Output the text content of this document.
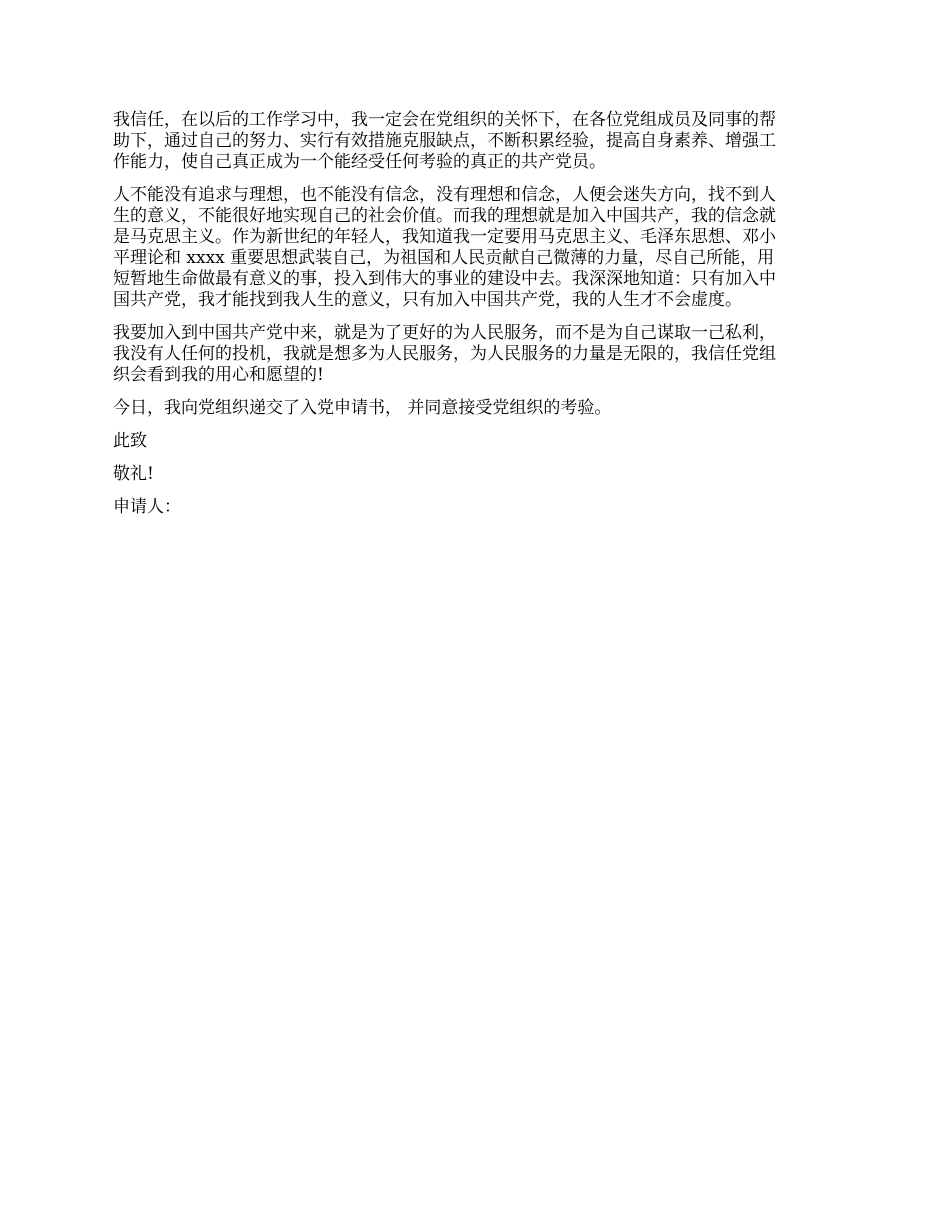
我信任，在以后的工作学习中，我一定会在党组织的关怀下，在各位党组成员及同事的帮
助下，通过自己的努力、实行有效措施克服缺点，不断积累经验，提高自身素养、增强工
作能力，使自己真正成为一个能经受任何考验的真正的共产党员。

人不能没有追求与理想，也不能没有信念，没有理想和信念，人便会迷失方向，找不到人
生的意义，不能很好地实现自己的社会价值。而我的理想就是加入中国共产，我的信念就
是马克思主义。作为新世纪的年轻人，我知道我一定要用马克思主义、毛泽东思想、邓小
平理论和 xxxx 重要思想武装自己，为祖国和人民贡献自己微薄的力量，尽自己所能，用
短暂地生命做最有意义的事，投入到伟大的事业的建设中去。我深深地知道：只有加入中
国共产党，我才能找到我人生的意义，只有加入中国共产党，我的人生才不会虚度。

我要加入到中国共产党中来，就是为了更好的为人民服务，而不是为自己谋取一己私利，
我没有人任何的投机，我就是想多为人民服务，为人民服务的力量是无限的，我信任党组
织会看到我的用心和愿望的!

今日，我向党组织递交了入党申请书， 并同意接受党组织的考验。

此致

敬礼!

申请人：
